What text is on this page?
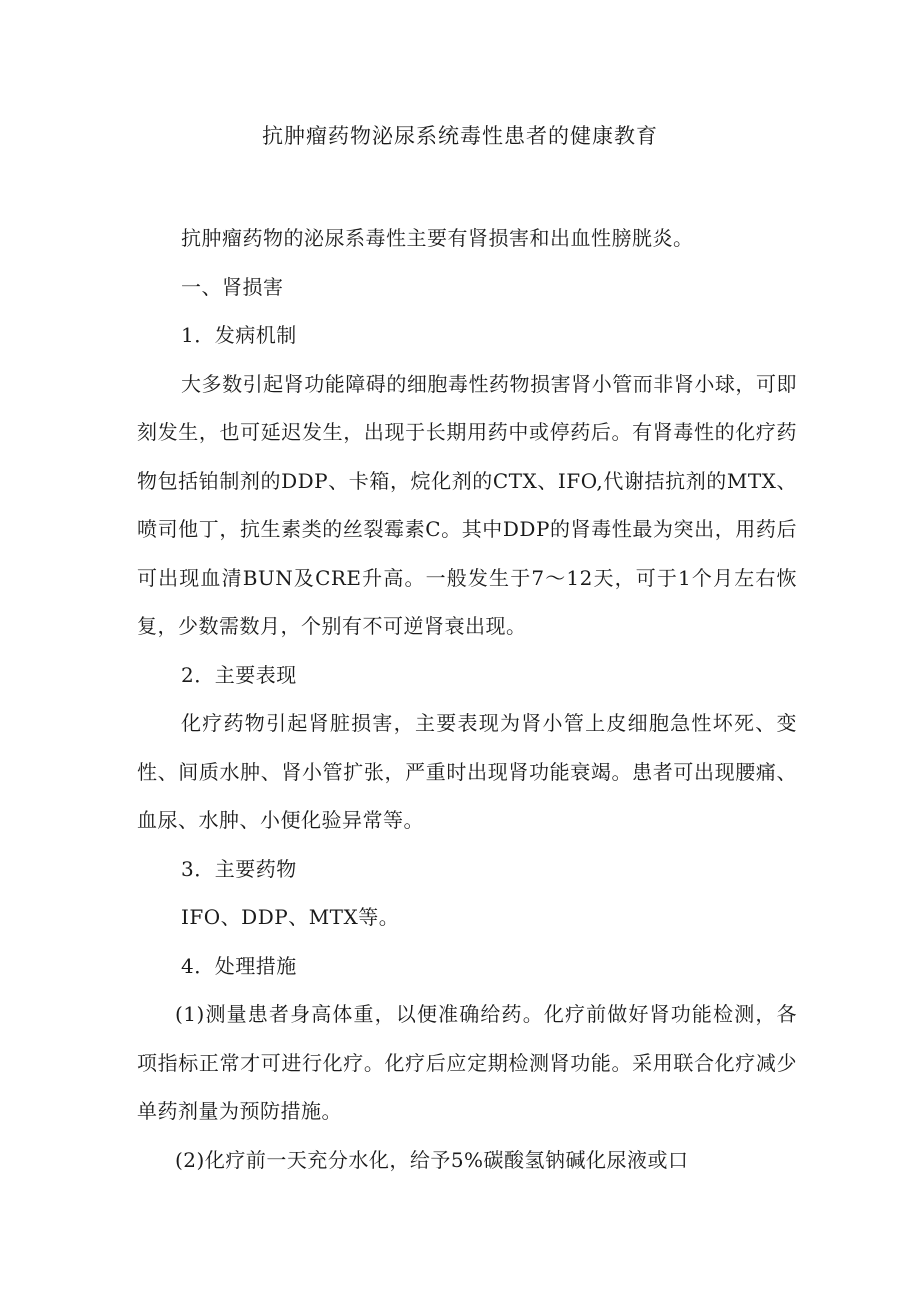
抗肿瘤药物泌尿系统毒性患者的健康教育

抗肿瘤药物的泌尿系毒性主要有肾损害和出血性膀胱炎。

一、肾损害

1．发病机制

大多数引起肾功能障碍的细胞毒性药物损害肾小管而非肾小球，可即刻发生，也可延迟发生，出现于长期用药中或停药后。有肾毒性的化疗药物包括铂制剂的DDP、卡箱，烷化剂的CTX、IFO,代谢拮抗剂的MTX、喷司他丁，抗生素类的丝裂霉素C。其中DDP的肾毒性最为突出，用药后可出现血清BUN及CRE升高。一般发生于7～12天，可于1个月左右恢复，少数需数月，个别有不可逆肾衰出现。

2．主要表现

化疗药物引起肾脏损害，主要表现为肾小管上皮细胞急性坏死、变性、间质水肿、肾小管扩张，严重时出现肾功能衰竭。患者可出现腰痛、血尿、水肿、小便化验异常等。

3．主要药物

IFO、DDP、MTX等。

4．处理措施

(1)测量患者身高体重，以便准确给药。化疗前做好肾功能检测，各项指标正常才可进行化疗。化疗后应定期检测肾功能。采用联合化疗减少单药剂量为预防措施。

(2)化疗前一天充分水化，给予5%碳酸氢钠碱化尿液或口
